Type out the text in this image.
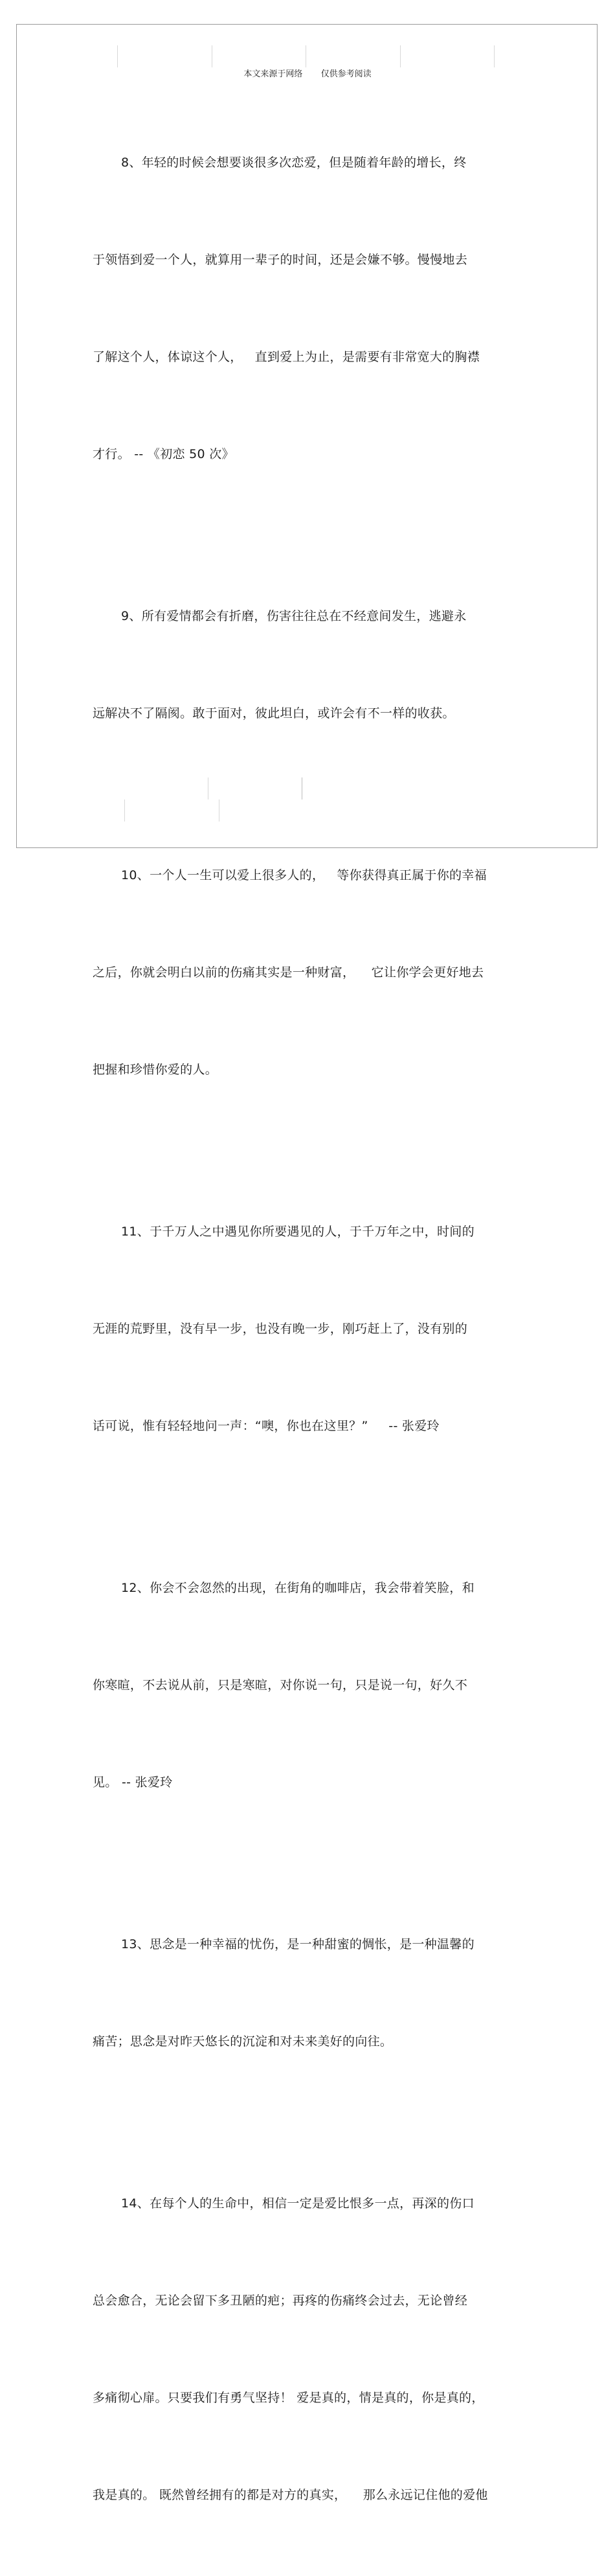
本文来源于网络 仅供参考阅读

8、年轻的时候会想要谈很多次恋爱，但是随着年龄的增长，终

于领悟到爱一个人，就算用一辈子的时间，还是会嫌不够。慢慢地去

了解这个人，体谅这个人，   直到爱上为止，是需要有非常宽大的胸襟

才行。 -- 《初恋 50 次》

9、所有爱情都会有折磨，伤害往往总在不经意间发生，逃避永

远解决不了隔阂。敢于面对，彼此坦白，或许会有不一样的收获。

10、一个人一生可以爱上很多人的，   等你获得真正属于你的幸福

之后，你就会明白以前的伤痛其实是一种财富，    它让你学会更好地去

把握和珍惜你爱的人。

11、于千万人之中遇见你所要遇见的人，于千万年之中，时间的

无涯的荒野里，没有早一步，也没有晚一步，刚巧赶上了，没有别的

话可说，惟有轻轻地问一声：“噢，你也在这里？”     -- 张爱玲

12、你会不会忽然的出现，在街角的咖啡店，我会带着笑脸，和

你寒暄，不去说从前，只是寒暄，对你说一句，只是说一句，好久不

见。 -- 张爱玲

13、思念是一种幸福的忧伤，是一种甜蜜的惆怅，是一种温馨的

痛苦；思念是对昨天悠长的沉淀和对未来美好的向往。

14、在每个人的生命中，相信一定是爱比恨多一点，再深的伤口

总会愈合，无论会留下多丑陋的疤；再疼的伤痛终会过去，无论曾经

多痛彻心扉。只要我们有勇气坚持！ 爱是真的，情是真的，你是真的，

我是真的。 既然曾经拥有的都是对方的真实，    那么永远记住他的爱他
